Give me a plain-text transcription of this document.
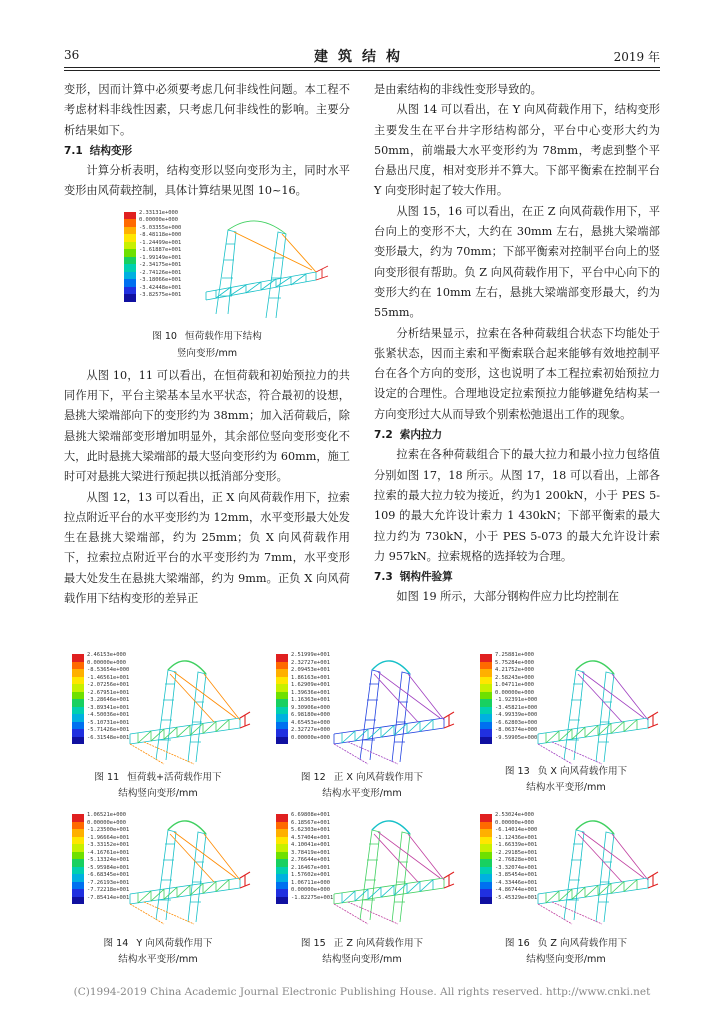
36	建筑结构	2019 年

变形，因而计算中必须要考虑几何非线性问题。本工程不考虑材料非线性因素，只考虑几何非线性的影响。主要分析结果如下。

7.1 结构变形

计算分析表明，结构变形以竖向变形为主，同时水平变形由风荷载控制，具体计算结果见图 10~16。

2.33131e+000
0.00000e+000
-5.03355e+000
-8.48118e+000
-1.24499e+001
-1.61887e+001
-1.99149e+001
-2.34175e+001
-2.74126e+001
-3.18066e+001
-3.42448e+001
-3.82575e+001
图 10 恒荷载作用下结构
竖向变形/mm

从图 10，11 可以看出，在恒荷载和初始预拉力的共同作用下，平台主梁基本呈水平状态，符合最初的设想，悬挑大梁端部向下的变形约为 38mm；加入活荷载后，除悬挑大梁端部变形增加明显外，其余部位竖向变形变化不大，此时悬挑大梁端部的最大竖向变形约为 60mm，施工时可对悬挑大梁进行预起拱以抵消部分变形。

从图 12，13 可以看出，正 X 向风荷载作用下，拉索拉点附近平台的水平变形约为 12mm，水平变形最大处发生在悬挑大梁端部，约为 25mm；负 X 向风荷载作用下，拉索拉点附近平台的水平变形约为 7mm，水平变形最大处发生在悬挑大梁端部，约为 9mm。正负 X 向风荷载作用下结构变形的差异正

是由索结构的非线性变形导致的。

从图 14 可以看出，在 Y 向风荷载作用下，结构变形主要发生在平台井字形结构部分，平台中心变形大约为 50mm，前端最大水平变形约为 78mm，考虑到整个平台悬出尺度，相对变形并不算大。下部平衡索在控制平台 Y 向变形时起了较大作用。

从图 15，16 可以看出，在正 Z 向风荷载作用下，平台向上的变形不大，大约在 30mm 左右，悬挑大梁端部变形最大，约为 70mm；下部平衡索对控制平台向上的竖向变形很有帮助。负 Z 向风荷载作用下，平台中心向下的变形大约在 10mm 左右，悬挑大梁端部变形最大，约为 55mm。

分析结果显示，拉索在各种荷载组合状态下均能处于张紧状态，因而主索和平衡索联合起来能够有效地控制平台在各个方向的变形，这也说明了本工程拉索初始预拉力设定的合理性。合理地设定拉索预拉力能够避免结构某一方向变形过大从而导致个别索松弛退出工作的现象。

7.2 索内拉力

拉索在各种荷载组合下的最大拉力和最小拉力包络值分别如图 17，18 所示。从图 17，18 可以看出，上部各拉索的最大拉力较为接近，约为1 200kN，小于 PES 5-109 的最大允许设计索力 1 430kN；下部平衡索的最大拉力约为 730kN，小于 PES 5-073 的最大允许设计索力 957kN。拉索规格的选择较为合理。

7.3 钢构件验算

如图 19 所示，大部分钢构件应力比均控制在

2.46153e+000
0.00000e+000
-8.53654e+000
-1.46561e+001
-2.07256e+001
-2.67951e+001
-3.28646e+001
-3.89341e+001
-4.50036e+001
-5.10731e+001
-5.71426e+001
-6.31548e+001
2.51999e+001
2.32727e+001
2.09453e+001
1.86163e+001
1.62909e+001
1.39636e+001
1.16363e+001
9.30906e+000
6.98180e+000
4.65453e+000
2.32727e+000
0.00000e+000
7.25881e+000
5.75284e+000
4.21752e+000
2.58243e+000
1.04711e+000
0.00000e+000
-1.92391e+000
-3.45821e+000
-4.99339e+000
-6.62803e+000
-8.06374e+000
-9.59905e+000
图 11 恒荷载+活荷载作用下
结构竖向变形/mm
图 12 正 X 向风荷载作用下
结构水平变形/mm
图 13 负 X 向风荷载作用下
结构水平变形/mm
1.06521e+000
0.00000e+000
-1.23500e+001
-1.96664e+001
-3.33152e+001
-4.16761e+001
-5.13324e+001
-5.95984e+001
-6.68345e+001
-7.26193e+001
-7.72218e+001
-7.85414e+001
6.69808e+001
6.18567e+001
5.62303e+001
4.57404e+001
4.10041e+001
3.78419e+001
2.76644e+001
2.16467e+001
1.57602e+001
1.06711e+000
0.00000e+000
-1.82275e+001
2.53024e+000
0.00000e+000
-6.14014e+000
-1.12436e+001
-1.66339e+001
-2.29185e+001
-2.76828e+001
-3.32074e+001
-3.85454e+001
-4.33446e+001
-4.86744e+001
-5.45329e+001
图 14 Y 向风荷载作用下
结构水平变形/mm
图 15 正 Z 向风荷载作用下
结构竖向变形/mm
图 16 负 Z 向风荷载作用下
结构竖向变形/mm
(C)1994-2019 China Academic Journal Electronic Publishing House. All rights reserved. http://www.cnki.net
